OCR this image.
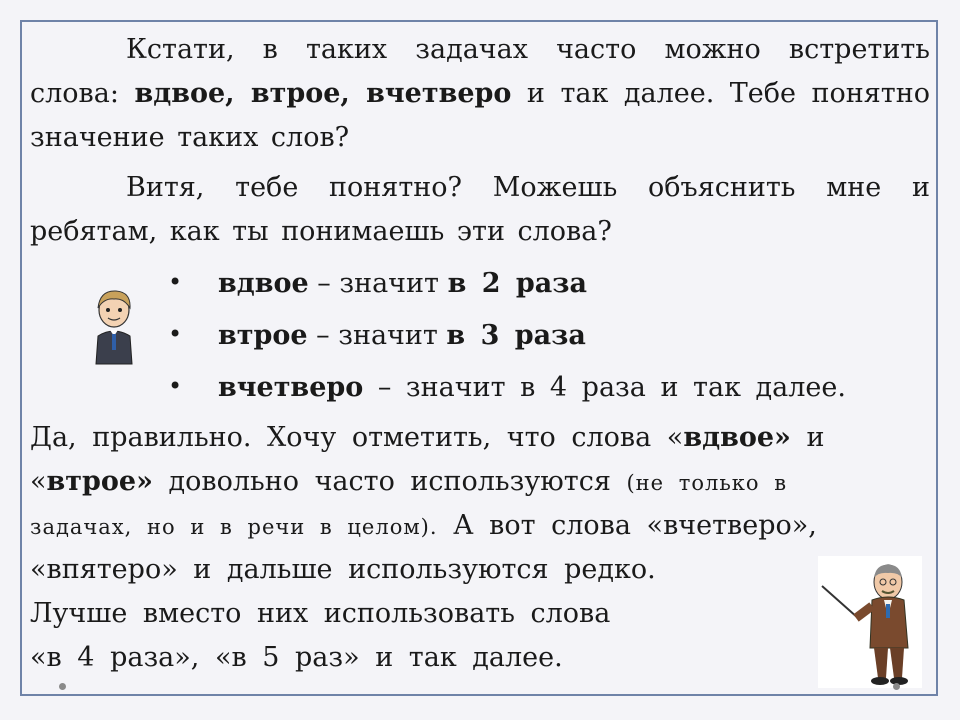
Кстати, в таких задачах часто можно встретить слова: вдвое, втрое, вчетверо и так далее. Тебе понятно значение таких слов?
Витя, тебе понятно? Можешь объяснить мне и ребятам, как ты понимаешь эти слова?
• вдвое – значит в 2 раза
• втрое – значит в 3 раза
• вчетверо – значит в 4 раза и так далее.
Да, правильно. Хочу отметить, что слова «вдвое» и
«втрое» довольно часто используются (не только в
задачах, но и в речи в целом). А вот слова «вчетверо»,
«впятеро» и дальше используются редко.
Лучше вместо них использовать слова
«в 4 раза», «в 5 раз» и так далее.
